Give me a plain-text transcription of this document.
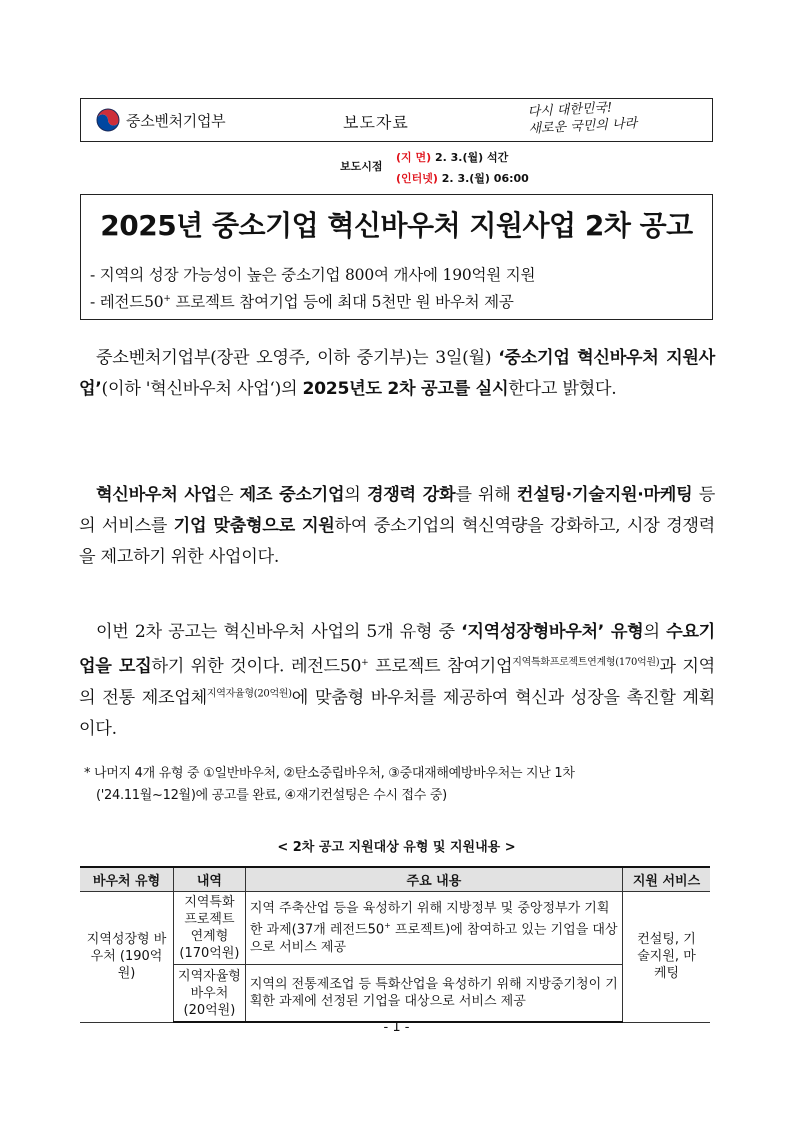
중소벤처기업부	보도자료
다시 대한민국!
새로운 국민의 나라
보도시점
(지 면) 2. 3.(월) 석간
(인터넷) 2. 3.(월) 06:00
2025년 중소기업 혁신바우처 지원사업 2차 공고
- 지역의 성장 가능성이 높은 중소기업 800여 개사에 190억원 지원
- 레전드50+ 프로젝트 참여기업 등에 최대 5천만 원 바우처 제공
중소벤처기업부(장관 오영주, 이하 중기부)는 3일(월) ‘중소기업 혁신바우처 지원사업’(이하 '혁신바우처 사업‘)의 2025년도 2차 공고를 실시한다고 밝혔다.
혁신바우처 사업은 제조 중소기업의 경쟁력 강화를 위해 컨설팅·기술지원·마케팅 등의 서비스를 기업 맞춤형으로 지원하여 중소기업의 혁신역량을 강화하고, 시장 경쟁력을 제고하기 위한 사업이다.
이번 2차 공고는 혁신바우처 사업의 5개 유형 중 ‘지역성장형바우처’ 유형의 수요기업을 모집하기 위한 것이다. 레전드50+ 프로젝트 참여기업$^{지역특화프로젝트연계형(170억원)}$과 지역의 전통 제조업체$^{지역자율형(20억원)}$에 맞춤형 바우처를 제공하여 혁신과 성장을 촉진할 계획이다.
* 나머지 4개 유형 중 ①일반바우처, ②탄소중립바우처, ③중대재해예방바우처는 지난 1차
('24.11월~12월)에 공고를 완료, ④재기컨설팅은 수시 접수 중)
< 2차 공고 지원대상 유형 및 지원내용 >
바우처 유형	내역	주요 내용	지원 서비스
지역성장형 바우처 (190억원)	지역특화 프로젝트 연계형 (170억원)	지역 주축산업 등을 육성하기 위해 지방정부 및 중앙정부가 기획한 과제(37개 레전드50+ 프로젝트)에 참여하고 있는 기업을 대상으로 서비스 제공	컨설팅, 기술지원, 마케팅
	지역자율형 바우처 (20억원)	지역의 전통제조업 등 특화산업을 육성하기 위해 지방중기청이 기획한 과제에 선정된 기업을 대상으로 서비스 제공	
- 1 -
